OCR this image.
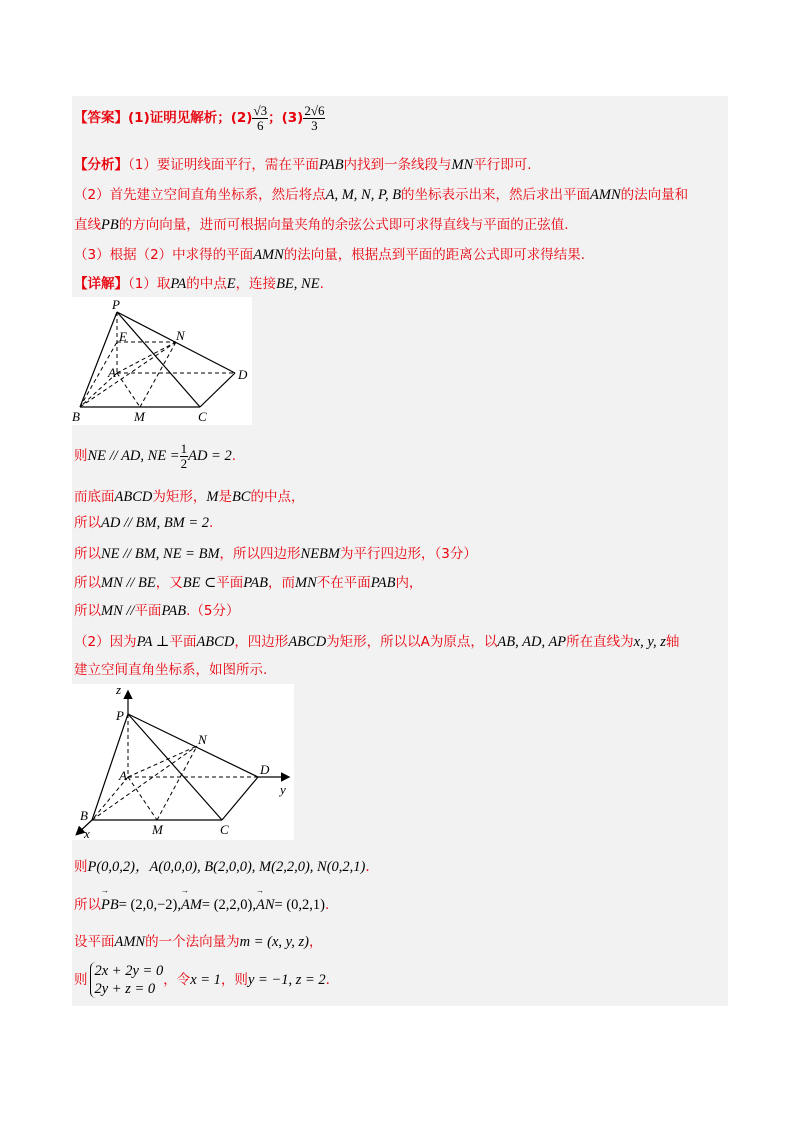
【答案】(1)证明见解析；$(2) \frac{√3}{6}$ ；$(3) \frac{2√6}{3}$
【分析】（1）要证明线面平行，需在平面PAB内找到一条线段与MN平行即可.
（2）首先建立空间直角坐标系，然后将点A, M, N, P, B的坐标表示出来，然后求出平面AMN的法向量和
直线PB的方向向量，进而可根据向量夹角的余弦公式即可求得直线与平面的正弦值.
（3）根据（2）中求得的平面AMN的法向量，根据点到平面的距离公式即可求得结果.
【详解】（1）取PA的中点E，连接BE, NE.
P
E	N
A	D
B	M	C
则NE // AD, NE = $\frac{1}{2}$ AD = 2.
而底面ABCD为矩形，M是BC的中点，
所以AD // BM, BM = 2.
所以NE // BM, NE = BM，所以四边形NEBM为平行四边形，（3分）
所以MN // BE，又BE ⊂平面PAB，而MN不在平面PAB内，
所以MN //平面PAB.（5分）
（2）因为PA ⊥平面ABCD，四边形ABCD为矩形，所以以A为原点，以AB, AD, AP所在直线为x, y, z轴
建立空间直角坐标系，如图所示.
z
P
N
A	D
y
B
M	C
x
则P(0,0,2)，A(0,0,0), B(2,0,0), M(2,2,0), N(0,2,1).
所以→ PB= (2,0,−2),→ AM= (2,2,0),→ AN= (0,2,1).
设平面AMN的一个法向量为m = (x, y, z)，
则
2x + 2y = 0
2y + z = 0
，令x = 1，则y = −1, z = 2.
